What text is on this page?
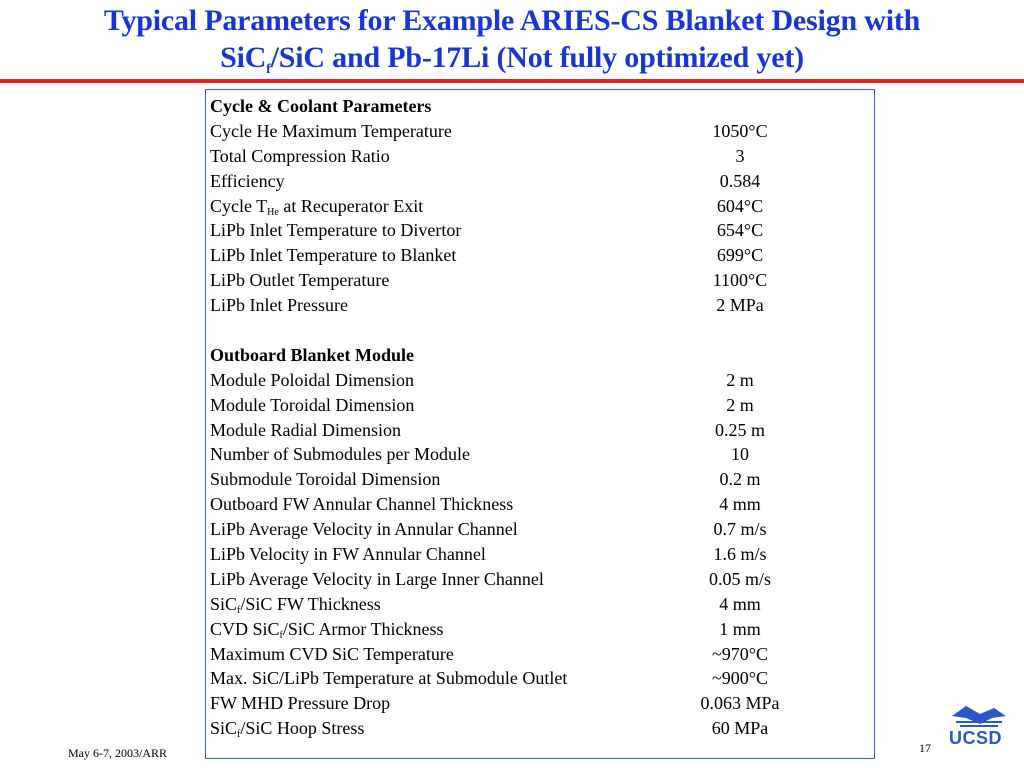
Typical Parameters for Example ARIES-CS Blanket Design with
SiC$_f$/SiC and Pb-17Li (Not fully optimized yet)
Cycle & Coolant Parameters
Cycle He Maximum Temperature	1050°C
Total Compression Ratio	3
Efficiency	0.584
Cycle $T_{He}$ at Recuperator Exit	604°C
LiPb Inlet Temperature to Divertor	654°C
LiPb Inlet Temperature to Blanket	699°C
LiPb Outlet Temperature	1100°C
LiPb Inlet Pressure	2 MPa
Outboard Blanket Module
Module Poloidal Dimension	2 m
Module Toroidal Dimension	2 m
Module Radial Dimension	0.25 m
Number of Submodules per Module	10
Submodule Toroidal Dimension	0.2 m
Outboard FW Annular Channel Thickness	4 mm
LiPb Average Velocity in Annular Channel	0.7 m/s
LiPb Velocity in FW Annular Channel	1.6 m/s
LiPb Average Velocity in Large Inner Channel	0.05 m/s
SiC$_f$/SiC FW Thickness	4 mm
CVD SiC$_f$/SiC Armor Thickness	1 mm
Maximum CVD SiC Temperature	~970°C
Max. SiC/LiPb Temperature at Submodule Outlet	~900°C
FW MHD Pressure Drop	0.063 MPa
SiC$_f$/SiC Hoop Stress	60 MPa
May 6-7, 2003/ARR	17 UCSD
